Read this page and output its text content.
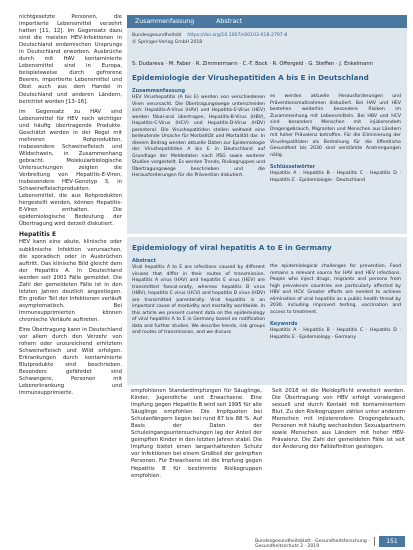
nichtgesetzte Personen, die importierte Lebensmittel verzehrt hatten [11, 12]. Im Gegensatz dazu sind die meisten HEV-Infektionen in Deutschland endemischen Ursprungs in Deutschland erworben. Ausbrüche durch mit HAV kontaminierte Lebensmittel sind in Europa, beispielsweise durch gefrorene Beeren, importierte Lebensmittel und Obst auch aus dem Handel in Deutschland und anderen Ländern, berichtet worden [13–16].

Im Gegensatz zu HAV sind Lebensmittel für HEV noch wichtiger und häufig übertragende Produkte. Geschätzt werden in der Regel mit mehreren Rohprodukten, insbesondere Schweinefleisch und Wildschwein, in Zusammenhang gebracht. Molekularbiologische Untersuchungen zeigten die Verbreitung von Hepatitis-E-Viren, insbesondere HEV-Genotyp 3, in Schweinefleischprodukten. Lebensmittel, die aus Rohprodukten hergestellt werden, können Hepatitis-E-Viren enthalten. Die epidemiologische Bedeutung der Übertragung wird derzeit diskutiert.

Hepatitis E

HEV kann eine akute, klinische oder subklinische Infektion verursachen, die sporadisch oder in Ausbrüchen auftritt. Das klinische Bild gleicht dem der Hepatitis A. In Deutschland werden seit 2001 Fälle gemeldet. Die Zahl der gemeldeten Fälle ist in den letzten Jahren deutlich angestiegen. Ein großer Teil der Infektionen verläuft asymptomatisch. Bei Immunsupprimierten können chronische Verläufe auftreten.

Eine Übertragung kann in Deutschland vor allem durch den Verzehr von rohem oder unzureichend erhitztem Schweinefleisch und Wild erfolgen. Erkrankungen durch kontaminierte Blutprodukte sind beschrieben. Besonders gefährdet sind Schwangere, Personen mit Lebererkrankung und Immunsupprimierte.

Zusammenfassung	Abstract
Bundesgesundheitsbl https://doi.org/10.1007/s00103-018-2797-8
© Springer-Verlag GmbH 2018
S. Dudareva · M. Faber · R. Zimmermann · C.-T. Bock · R. Offergeld · G. Steffen · J. Enkelmann
Epidemiologie der Virushepatitiden A bis E in Deutschland
Zusammenfassung
HEV Virushepatitis (A bis E) werden von verschiedenen Viren verursacht. Die Übertragungswege unterscheiden sich: Hepatitis-A-Virus (HAV) und Hepatitis-E-Virus (HEV) werden fäkal-oral übertragen, Hepatitis-B-Virus (HBV), Hepatitis-C-Virus (HCV) und Hepatitis-D-Virus (HDV) parenteral. Die Virushepatitiden stellen weltweit eine bedeutende Ursache für Morbidität und Mortalität dar. In diesem Beitrag werden aktuelle Daten zur Epidemiologie der Virushepatitiden A bis E in Deutschland auf Grundlage der Meldedaten nach IfSG sowie weiterer Studien vorgestellt. Es werden Trends, Risikogruppen und Übertragungswege beschrieben und die Herausforderungen für die Prävention diskutiert.
es werden aktuelle Herausforderungen und Präventionsmaßnahmen diskutiert. Bei HAV und HEV bestehen weiterhin besondere Risiken im Zusammenhang mit Lebensmitteln. Bei HBV und HCV sind besonders Menschen mit injizierendem Drogengebrauch, Migranten und Menschen aus Ländern mit hoher Prävalenz betroffen. Für die Eliminierung der Virushepatitiden als Bedrohung für die öffentliche Gesundheit bis 2030 sind verstärkte Anstrengungen nötig.
Schlüsselwörter
Hepatitis A · Hepatitis B · Hepatitis C · Hepatitis D · Hepatitis E · Epidemiologie · Deutschland
Epidemiology of viral hepatitis A to E in Germany
Abstract
Viral hepatitis A to E are infections caused by different viruses that differ in their routes of transmission. Hepatitis A virus (HAV) and hepatitis E virus (HEV) are transmitted faecal-orally, whereas hepatitis B virus (HBV), hepatitis C virus (HCV) and hepatitis D virus (HDV) are transmitted parenterally. Viral hepatitis is an important cause of morbidity and mortality worldwide. In this article we present current data on the epidemiology of viral hepatitis A to E in Germany based on notification data and further studies. We describe trends, risk groups and routes of transmission, and we discuss
the epidemiological challenges for prevention. Food remains a relevant source for HAV and HEV infections. People who inject drugs, migrants and persons from high prevalence countries are particularly affected by HBV and HCV. Greater efforts are needed to achieve elimination of viral hepatitis as a public health threat by 2030, including improved testing, vaccination and access to treatment.
Keywords
Hepatitis A · Hepatitis B · Hepatitis C · Hepatitis D · Hepatitis E · Epidemiology · Germany

empfohlenen Standardimpfungen für Säuglinge, Kinder, Jugendliche und Erwachsene. Eine Impfung gegen Hepatitis B wird seit 1995 für alle Säuglinge empfohlen. Die Impfquoten bei Schulanfängern liegen bei rund 87 bis 88 %. Auf Basis der Daten der Schuleingangsuntersuchungen lag der Anteil der geimpften Kinder in den letzten Jahren stabil. Die Impfung bietet einen langanhaltenden Schutz vor Infektionen bei einem Großteil der geimpften Personen. Für Erwachsene ist die Impfung gegen Hepatitis B für bestimmte Risikogruppen empfohlen.

Seit 2018 ist die Meldepflicht erweitert worden. Die Übertragung von HBV erfolgt vorwiegend sexuell und durch Kontakt mit kontaminiertem Blut. Zu den Risikogruppen zählen unter anderem Menschen mit injizierendem Drogengebrauch, Personen mit häufig wechselnden Sexualpartnern sowie Menschen aus Ländern mit hoher HBV-Prävalenz. Die Zahl der gemeldeten Fälle ist seit der Änderung der Falldefinition gestiegen.

Bundesgesundheitsblatt · Gesundheitsforschung · Gesundheitsschutz 2 · 2019
151
